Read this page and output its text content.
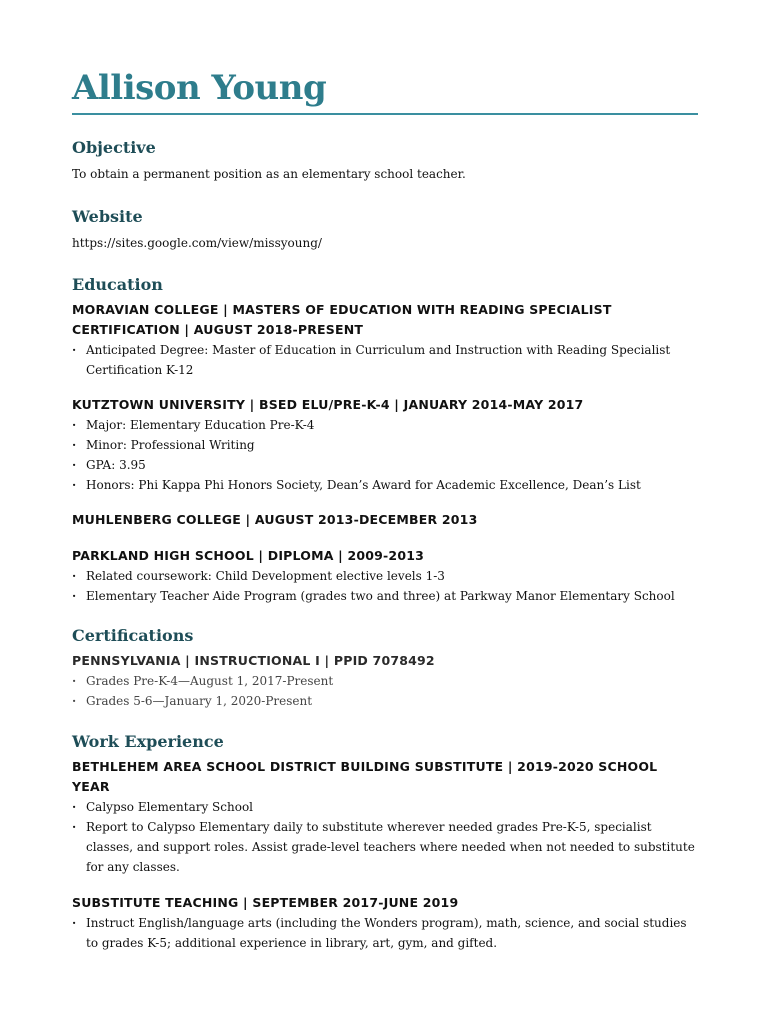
Allison Young
Objective

To obtain a permanent position as an elementary school teacher.

Website

https://sites.google.com/view/missyoung/

Education

MORAVIAN COLLEGE | MASTERS OF EDUCATION WITH READING SPECIALIST CERTIFICATION | AUGUST 2018-PRESENT

· Anticipated Degree: Master of Education in Curriculum and Instruction with Reading Specialist Certification K-12

KUTZTOWN UNIVERSITY | BSED ELU/PRE-K-4 | JANUARY 2014-MAY 2017

· Major: Elementary Education Pre-K-4
· Minor: Professional Writing
· GPA: 3.95
· Honors: Phi Kappa Phi Honors Society, Dean’s Award for Academic Excellence, Dean’s List

MUHLENBERG COLLEGE | AUGUST 2013-DECEMBER 2013

PARKLAND HIGH SCHOOL | DIPLOMA | 2009-2013

· Related coursework: Child Development elective levels 1-3
· Elementary Teacher Aide Program (grades two and three) at Parkway Manor Elementary School
Certifications

PENNSYLVANIA | INSTRUCTIONAL I | PPID 7078492

· Grades Pre-K-4—August 1, 2017-Present
· Grades 5-6—January 1, 2020-Present
Work Experience

BETHLEHEM AREA SCHOOL DISTRICT BUILDING SUBSTITUTE | 2019-2020 SCHOOL YEAR

· Calypso Elementary School
· Report to Calypso Elementary daily to substitute wherever needed grades Pre-K-5, specialist classes, and support roles. Assist grade-level teachers where needed when not needed to substitute for any classes.

SUBSTITUTE TEACHING | SEPTEMBER 2017-JUNE 2019

· Instruct English/language arts (including the Wonders program), math, science, and social studies to grades K-5; additional experience in library, art, gym, and gifted.
